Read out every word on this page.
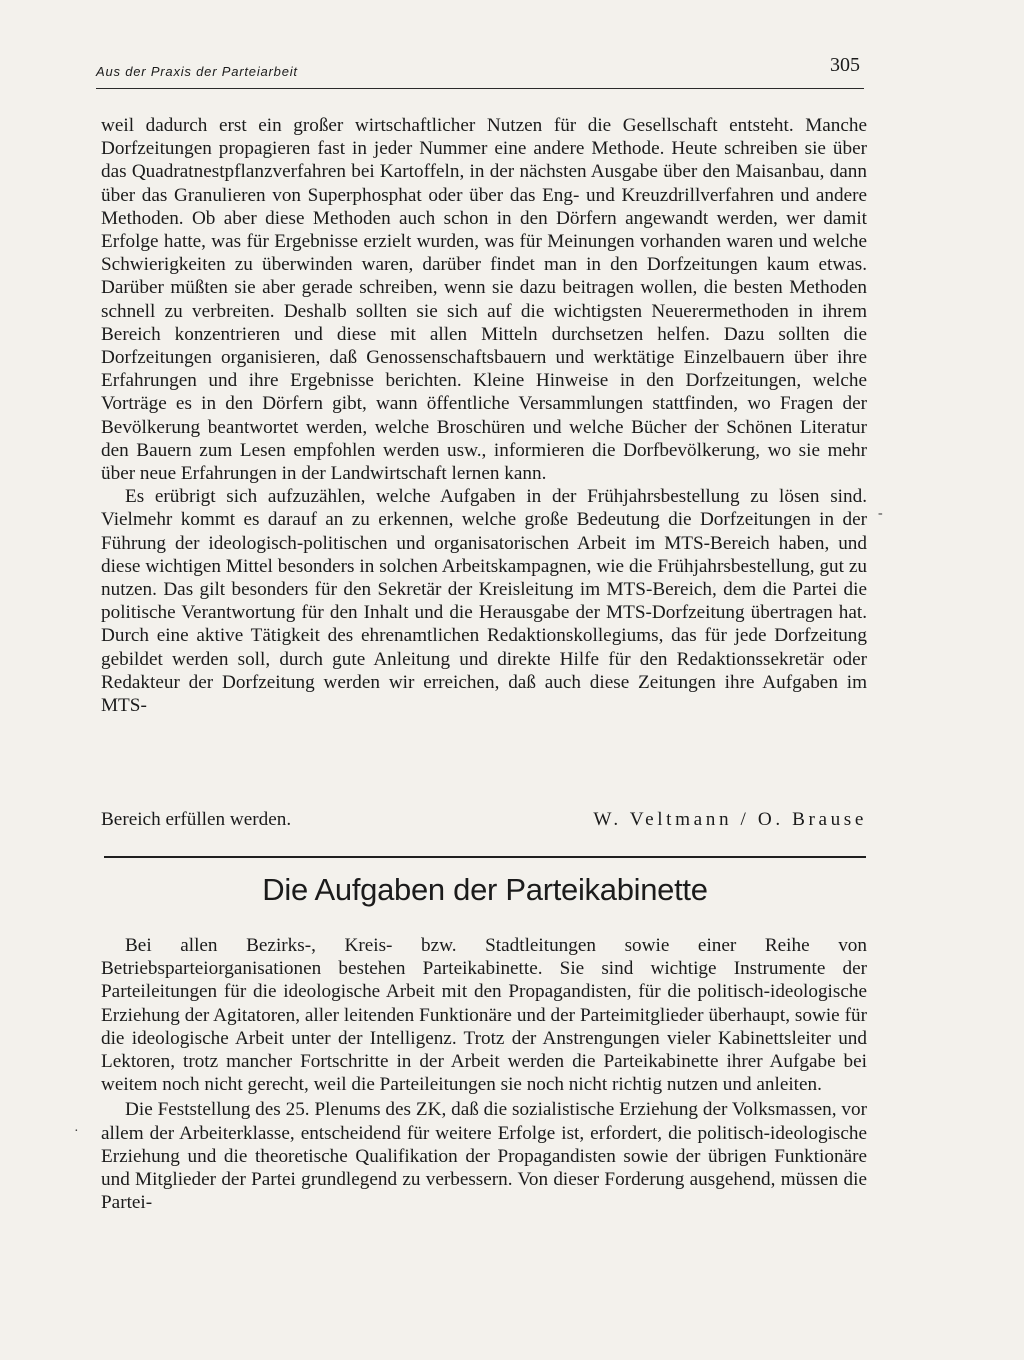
Aus der Praxis der Parteiarbeit	305

weil dadurch erst ein großer wirtschaftlicher Nutzen für die Gesellschaft entsteht. Manche Dorfzeitungen propagieren fast in jeder Nummer eine andere Methode. Heute schreiben sie über das Quadratnestpflanzverfahren bei Kartoffeln, in der nächsten Ausgabe über den Maisanbau, dann über das Granulieren von Superphosphat oder über das Eng- und Kreuzdrillverfahren und andere Methoden. Ob aber diese Methoden auch schon in den Dörfern angewandt werden, wer damit Erfolge hatte, was für Ergebnisse erzielt wurden, was für Meinungen vorhanden waren und welche Schwierigkeiten zu überwinden waren, darüber findet man in den Dorfzeitungen kaum etwas. Darüber müßten sie aber gerade schreiben, wenn sie dazu beitragen wollen, die besten Methoden schnell zu verbreiten. Deshalb sollten sie sich auf die wichtigsten Neuerermethoden in ihrem Bereich konzentrieren und diese mit allen Mitteln durchsetzen helfen. Dazu sollten die Dorfzeitungen organisieren, daß Genossenschaftsbauern und werktätige Einzelbauern über ihre Erfahrungen und ihre Ergebnisse berichten. Kleine Hinweise in den Dorfzeitungen, welche Vorträge es in den Dörfern gibt, wann öffentliche Versammlungen stattfinden, wo Fragen der Bevölkerung beantwortet werden, welche Broschüren und welche Bücher der Schönen Literatur den Bauern zum Lesen empfohlen werden usw., informieren die Dorfbevölkerung, wo sie mehr über neue Erfahrungen in der Landwirtschaft lernen kann.

Es erübrigt sich aufzuzählen, welche Aufgaben in der Frühjahrsbestellung zu lösen sind. Vielmehr kommt es darauf an zu erkennen, welche große Bedeutung die Dorfzeitungen in der Führung der ideologisch-politischen und organisatorischen Arbeit im MTS-Bereich haben, und diese wichtigen Mittel besonders in solchen Arbeitskampagnen, wie die Frühjahrsbestellung, gut zu nutzen. Das gilt besonders für den Sekretär der Kreisleitung im MTS-Bereich, dem die Partei die politische Verantwortung für den Inhalt und die Herausgabe der MTS-Dorfzeitung übertragen hat. Durch eine aktive Tätigkeit des ehrenamtlichen Redaktionskollegiums, das für jede Dorfzeitung gebildet werden soll, durch gute Anleitung und direkte Hilfe für den Redaktionssekretär oder Redakteur der Dorfzeitung werden wir erreichen, daß auch diese Zeitungen ihre Aufgaben im MTS-

Bereich erfüllen werden.	W. Veltmann / O. Brause
Die Aufgaben der Parteikabinette

Bei allen Bezirks-, Kreis- bzw. Stadtleitungen sowie einer Reihe von Betriebsparteiorganisationen bestehen Parteikabinette. Sie sind wichtige Instrumente der Parteileitungen für die ideologische Arbeit mit den Propagandisten, für die politisch-ideologische Erziehung der Agitatoren, aller leitenden Funktionäre und der Parteimitglieder überhaupt, sowie für die ideologische Arbeit unter der Intelligenz. Trotz der Anstrengungen vieler Kabinettsleiter und Lektoren, trotz mancher Fortschritte in der Arbeit werden die Parteikabinette ihrer Aufgabe bei weitem noch nicht gerecht, weil die Parteileitungen sie noch nicht richtig nutzen und anleiten.

Die Feststellung des 25. Plenums des ZK, daß die sozialistische Erziehung der Volksmassen, vor allem der Arbeiterklasse, entscheidend für weitere Erfolge ist, erfordert, die politisch-ideologische Erziehung und die theoretische Qualifikation der Propagandisten sowie der übrigen Funktionäre und Mitglieder der Partei grundlegend zu verbessern. Von dieser Forderung ausgehend, müssen die Partei-

-
·
